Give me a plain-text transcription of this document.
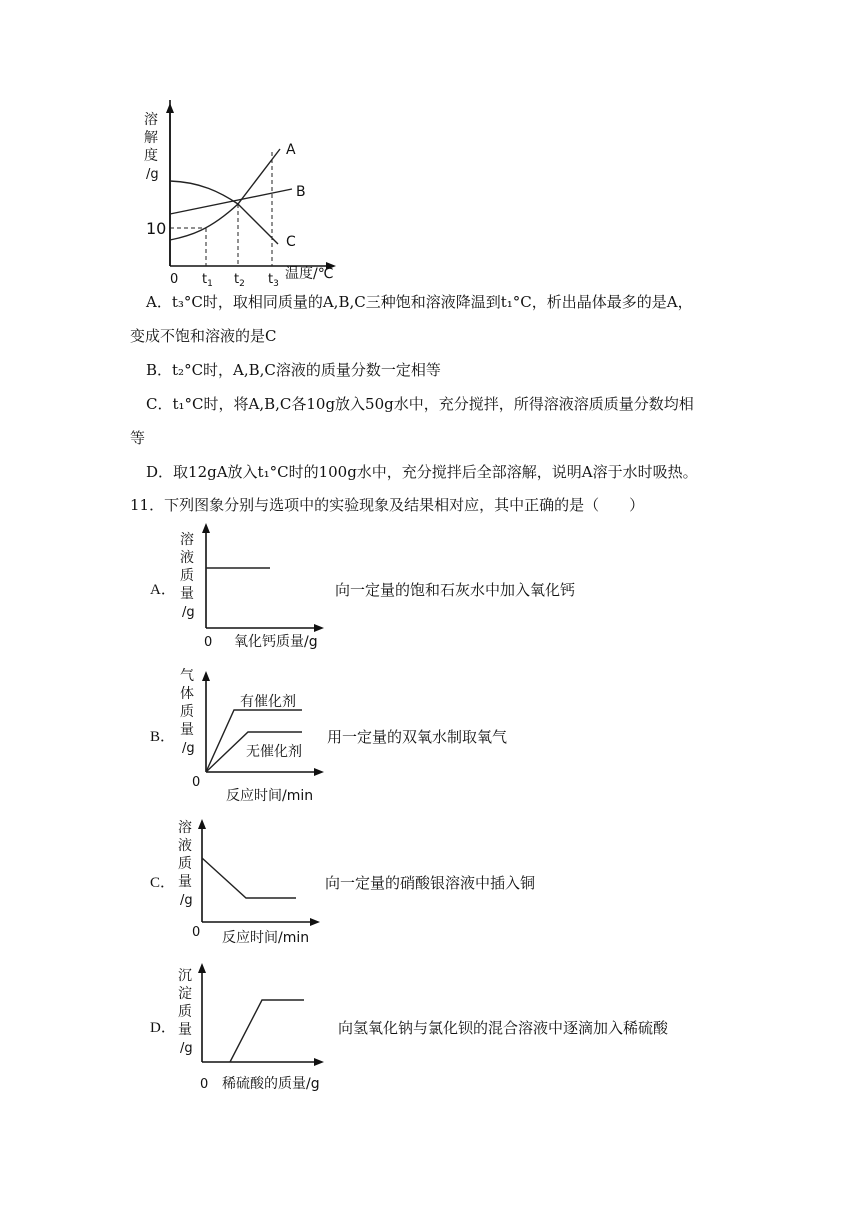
溶
解
度
/g
10
0 $t_1$ $t_2$ $t_3$
温度/℃
A
B
C
A．t₃°C时，取相同质量的A,B,C三种饱和溶液降温到t₁°C，析出晶体最多的是A，
变成不饱和溶液的是C
B．t₂°C时，A,B,C溶液的质量分数一定相等
C．t₁°C时，将A,B,C各10g放入50g水中，充分搅拌，所得溶液溶质质量分数均相
等
D．取12gA放入t₁°C时的100g水中，充分搅拌后全部溶解，说明A溶于水时吸热。
11．下列图象分别与选项中的实验现象及结果相对应，其中正确的是（　　）
A．
溶
液
质
量
/g
0 氧化钙质量/g
向一定量的饱和石灰水中加入氧化钙
B．
气
体
质
量
/g
有催化剂
无催化剂
0
反应时间/min
用一定量的双氧水制取氧气
C．
溶
液
质
量
/g
0 反应时间/min
向一定量的硝酸银溶液中插入铜
D．
沉
淀
质
量
/g
0 稀硫酸的质量/g
向氢氧化钠与氯化钡的混合溶液中逐滴加入稀硫酸
